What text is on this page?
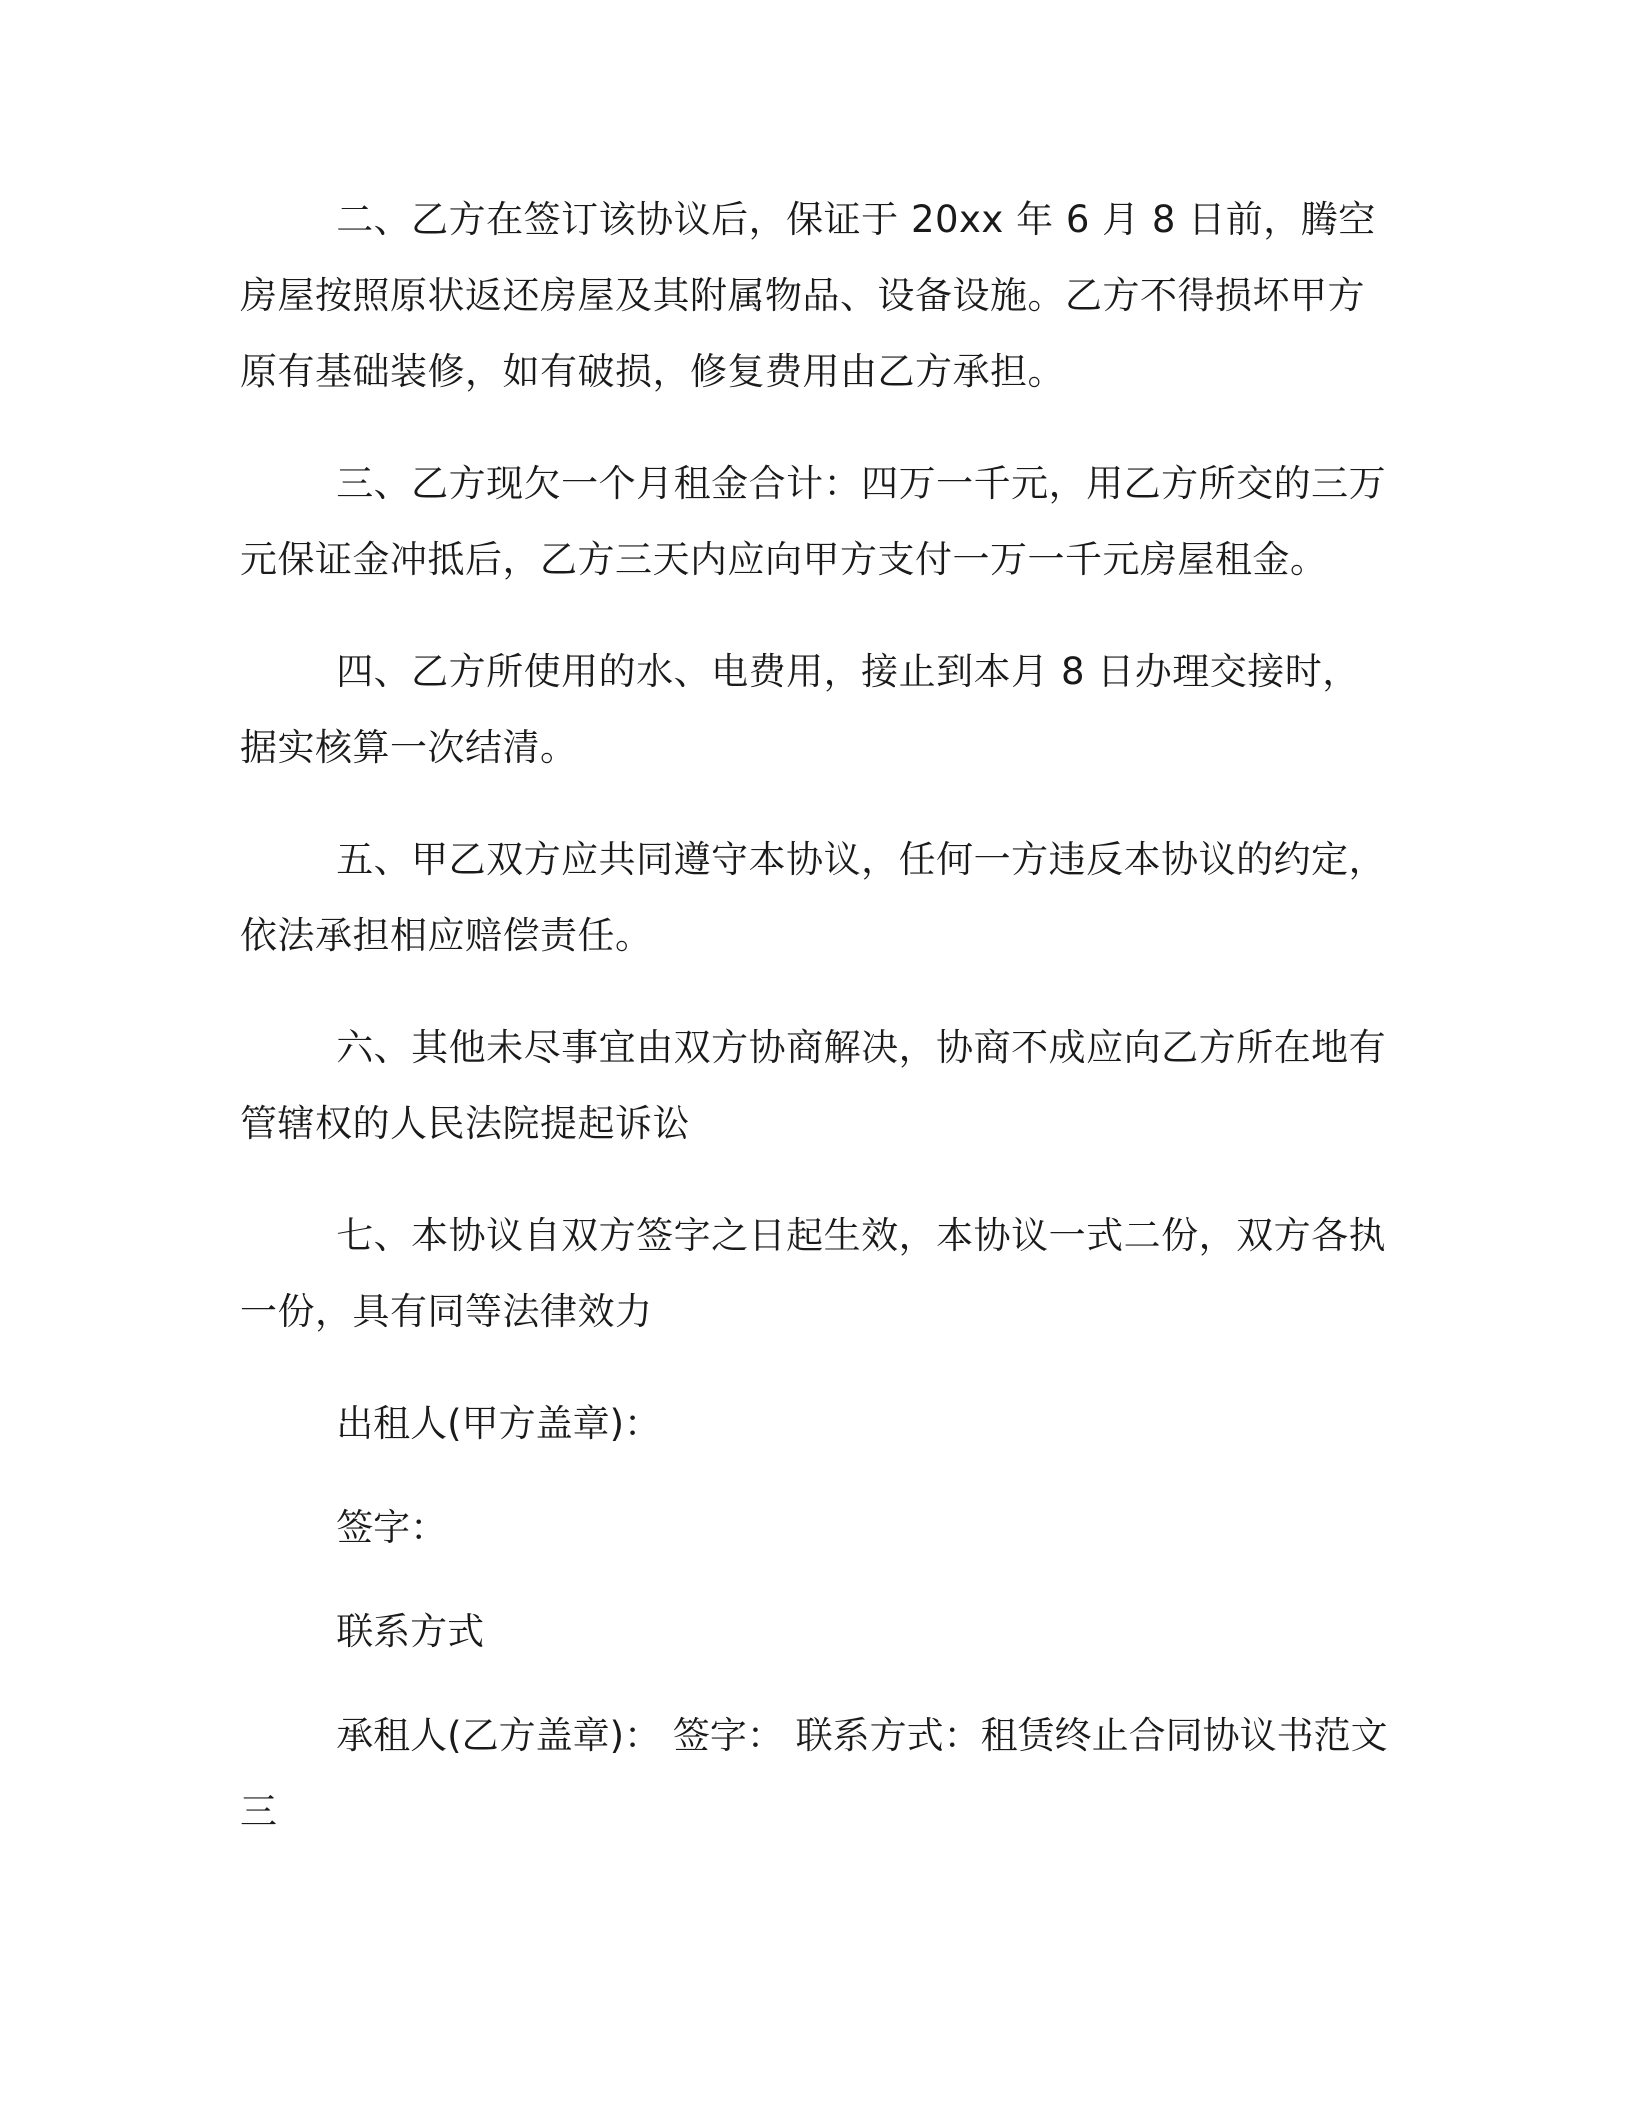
二、乙方在签订该协议后，保证于 20xx 年 6 月 8 日前，腾空房屋按照原状返还房屋及其附属物品、设备设施。乙方不得损坏甲方原有基础装修，如有破损，修复费用由乙方承担。

三、乙方现欠一个月租金合计：四万一千元，用乙方所交的三万元保证金冲抵后，乙方三天内应向甲方支付一万一千元房屋租金。

四、乙方所使用的水、电费用，接止到本月 8 日办理交接时，据实核算一次结清。

五、甲乙双方应共同遵守本协议，任何一方违反本协议的约定，依法承担相应赔偿责任。

六、其他未尽事宜由双方协商解决，协商不成应向乙方所在地有管辖权的人民法院提起诉讼

七、本协议自双方签字之日起生效，本协议一式二份，双方各执一份，具有同等法律效力

出租人(甲方盖章)：

签字：

联系方式

承租人(乙方盖章)： 签字： 联系方式：租赁终止合同协议书范文三
